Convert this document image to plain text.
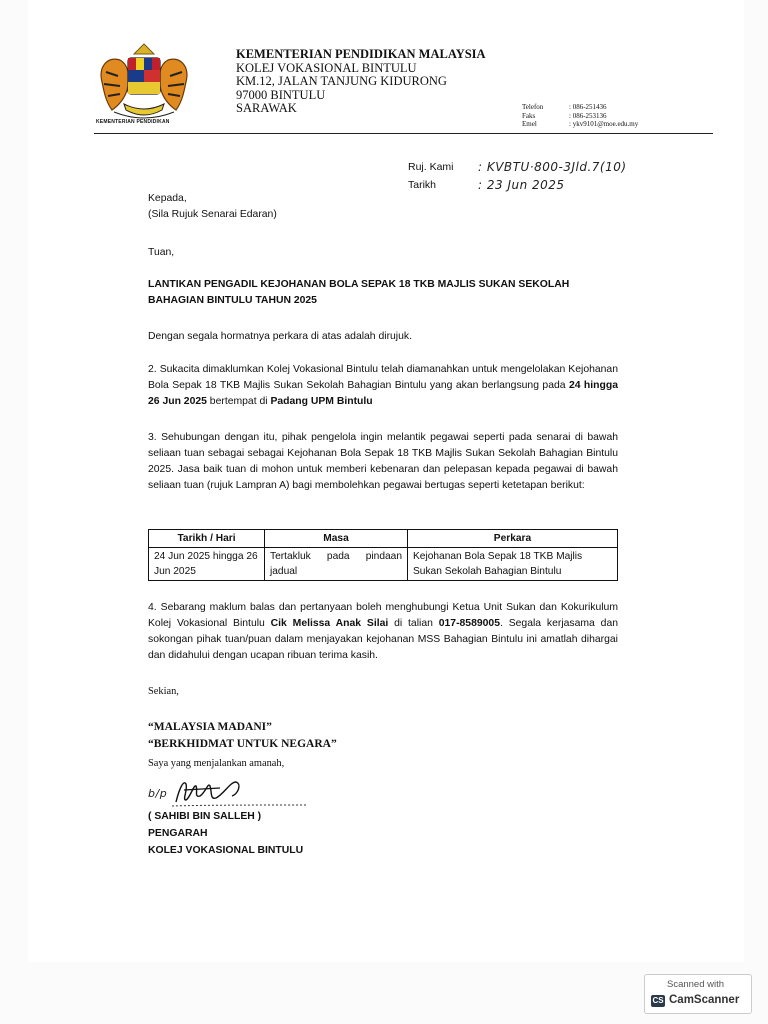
KEMENTERIAN PENDIDIKAN
KEMENTERIAN PENDIDIKAN MALAYSIA
KOLEJ VOKASIONAL BINTULU
KM.12, JALAN TANJUNG KIDURONG
97000 BINTULU
SARAWAK	Telefon	: 086-251436
Faks	: 086-253136
Emel	: ykv9101@moe.edu.my
Ruj. Kami	: KVBTU·800-3Jld.7(10)
Tarikh	: 23 Jun 2025
Kepada,
(Sila Rujuk Senarai Edaran)
Tuan,
LANTIKAN PENGADIL KEJOHANAN BOLA SEPAK 18 TKB MAJLIS SUKAN SEKOLAH BAHAGIAN BINTULU TAHUN 2025
Dengan segala hormatnya perkara di atas adalah dirujuk.
2. Sukacita dimaklumkan Kolej Vokasional Bintulu telah diamanahkan untuk mengelolakan Kejohanan Bola Sepak 18 TKB Majlis Sukan Sekolah Bahagian Bintulu yang akan berlangsung pada 24 hingga 26 Jun 2025 bertempat di Padang UPM Bintulu
3. Sehubungan dengan itu, pihak pengelola ingin melantik pegawai seperti pada senarai di bawah seliaan tuan sebagai sebagai Kejohanan Bola Sepak 18 TKB Majlis Sukan Sekolah Bahagian Bintulu 2025. Jasa baik tuan di mohon untuk memberi kebenaran dan pelepasan kepada pegawai di bawah seliaan tuan (rujuk Lampran A) bagi membolehkan pegawai bertugas seperti ketetapan berikut:
Tarikh / Hari	Masa	Perkara
24 Jun 2025 hingga 26 Jun 2025	Tertakluk pada pindaan jadual	Kejohanan Bola Sepak 18 TKB Majlis Sukan Sekolah Bahagian Bintulu
4. Sebarang maklum balas dan pertanyaan boleh menghubungi Ketua Unit Sukan dan Kokurikulum Kolej Vokasional Bintulu Cik Melissa Anak Silai di talian 017-8589005. Segala kerjasama dan sokongan pihak tuan/puan dalam menjayakan kejohanan MSS Bahagian Bintulu ini amatlah dihargai dan didahului dengan ucapan ribuan terima kasih.
Sekian,
“MALAYSIA MADANI”
“BERKHIDMAT UNTUK NEGARA”
Saya yang menjalankan amanah,
b/p
( SAHIBI BIN SALLEH )
PENGARAH
KOLEJ VOKASIONAL BINTULU
Scanned with
CS CamScanner
